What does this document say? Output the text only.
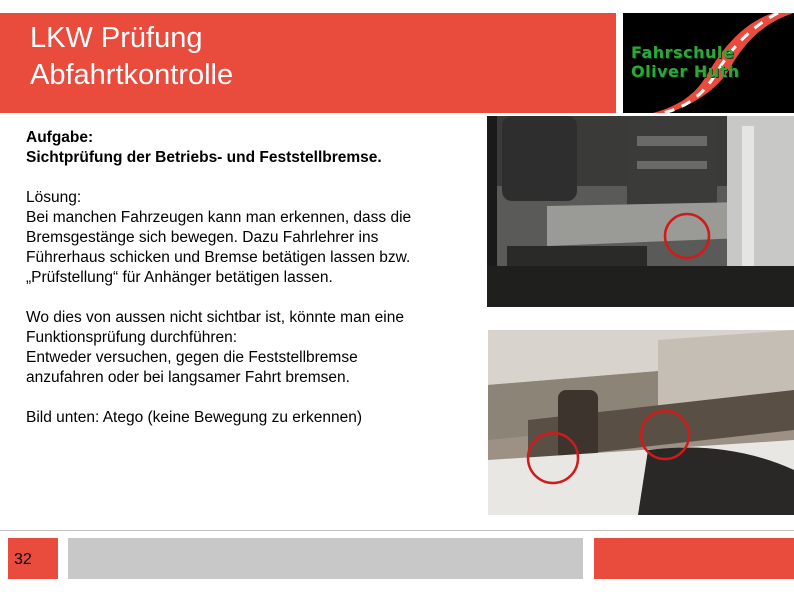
LKW Prüfung
Abfahrtkontrolle

Fahrschule
Oliver Huth

Aufgabe:

Sichtprüfung der Betriebs- und Feststellbremse.

Lösung:

Bei manchen Fahrzeugen kann man erkennen, dass die

Bremsgestänge sich bewegen. Dazu Fahrlehrer ins

Führerhaus schicken und Bremse betätigen lassen bzw.

„Prüfstellung“ für Anhänger betätigen lassen.

Wo dies von aussen nicht sichtbar ist, könnte man eine

Funktionsprüfung durchführen:

Entweder versuchen, gegen die Feststellbremse

anzufahren oder bei langsamer Fahrt bremsen.

Bild unten: Atego (keine Bewegung zu erkennen)

32
